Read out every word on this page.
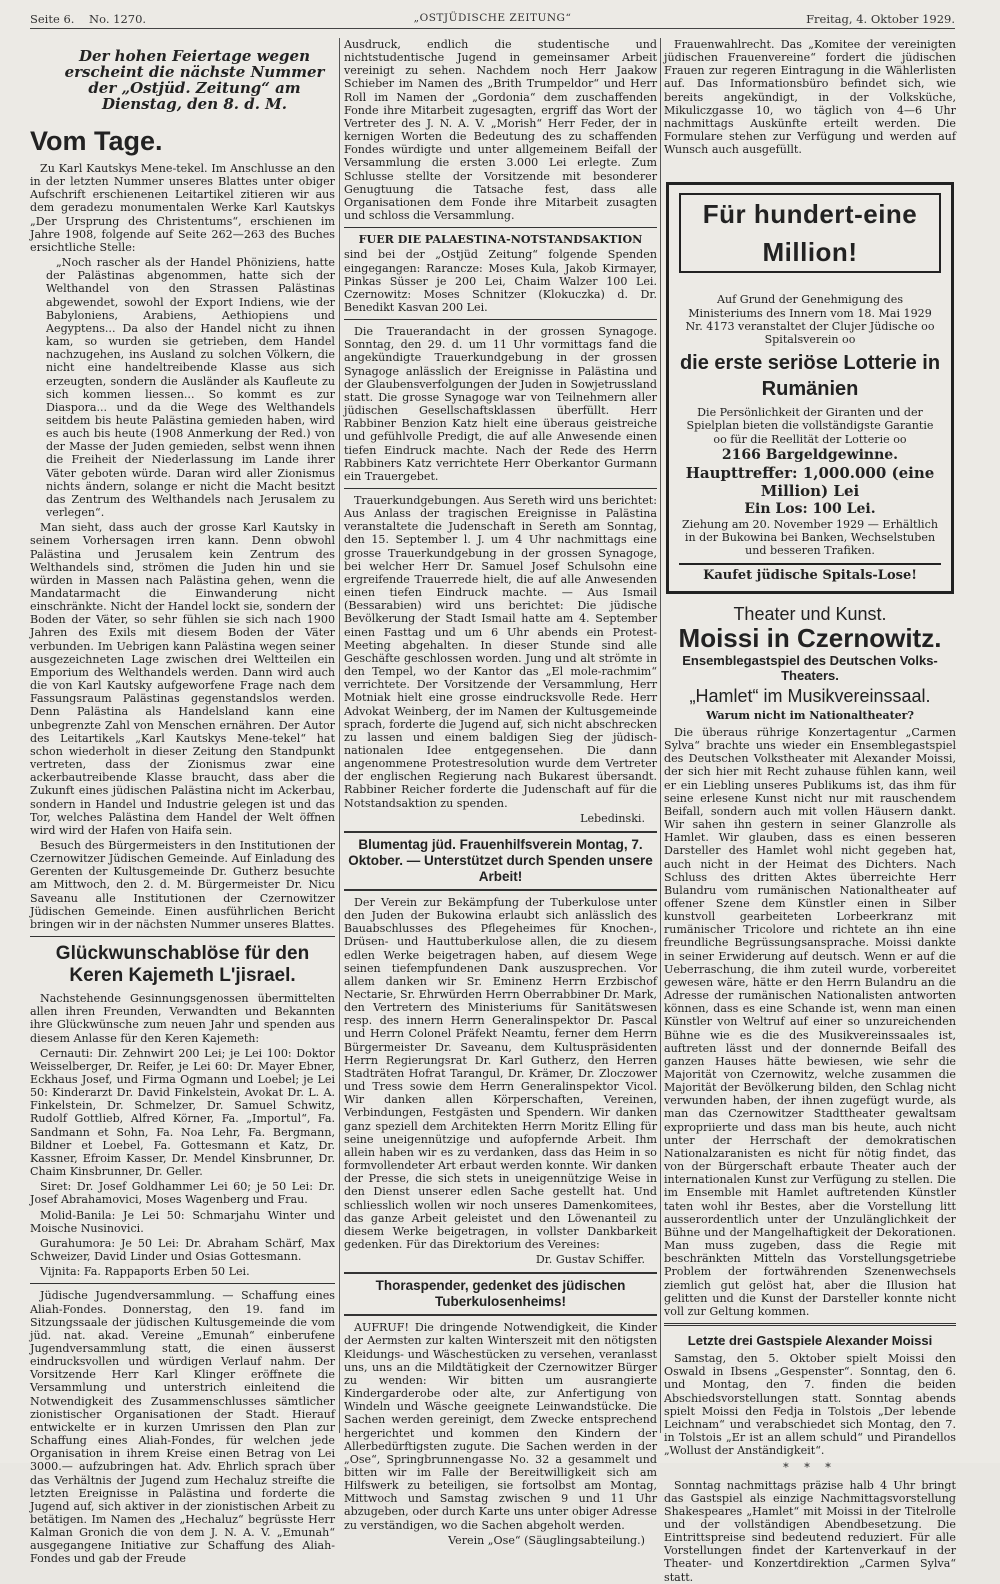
Seite 6. No. 1270.	„OSTJÜDISCHE ZEITUNG“	Freitag, 4. Oktober 1929.
Der hohen Feiertage wegen erscheint die nächste Nummer der „Ostjüd. Zeitung“ am Dienstag, den 8. d. M.
Vom Tage.

Zu Karl Kautskys Mene-tekel. Im Anschlusse an den in der letzten Nummer unseres Blattes unter obiger Aufschrift erschienenen Leitartikel zitieren wir aus dem geradezu monumentalen Werke Karl Kautskys „Der Ursprung des Christentums“, erschienen im Jahre 1908, folgende auf Seite 262—263 des Buches ersichtliche Stelle:

„Noch rascher als der Handel Phöniziens, hatte der Palästinas abgenommen, hatte sich der Welthandel von den Strassen Palästinas abgewendet, sowohl der Export Indiens, wie der Babyloniens, Arabiens, Aethiopiens und Aegyptens... Da also der Handel nicht zu ihnen kam, so wurden sie getrieben, dem Handel nachzugehen, ins Ausland zu solchen Völkern, die nicht eine handeltreibende Klasse aus sich erzeugten, sondern die Ausländer als Kaufleute zu sich kommen liessen... So kommt es zur Diaspora... und da die Wege des Welthandels seitdem bis heute Palästina gemieden haben, wird es auch bis heute (1908 Anmerkung der Red.) von der Masse der Juden gemieden, selbst wenn ihnen die Freiheit der Niederlassung im Lande ihrer Väter geboten würde. Daran wird aller Zionismus nichts ändern, solange er nicht die Macht besitzt das Zentrum des Welthandels nach Jerusalem zu verlegen“.

Man sieht, dass auch der grosse Karl Kautsky in seinem Vorhersagen irren kann. Denn obwohl Palästina und Jerusalem kein Zentrum des Welthandels sind, strömen die Juden hin und sie würden in Massen nach Palästina gehen, wenn die Mandatarmacht die Einwanderung nicht einschränkte. Nicht der Handel lockt sie, sondern der Boden der Väter, so sehr fühlen sie sich nach 1900 Jahren des Exils mit diesem Boden der Väter verbunden. Im Uebrigen kann Palästina wegen seiner ausgezeichneten Lage zwischen drei Weltteilen ein Emporium des Welthandels werden. Dann wird auch die von Karl Kautsky aufgeworfene Frage nach dem Fassungsraum Palästinas gegenstandslos werden. Denn Palästina als Handelsland kann eine unbegrenzte Zahl von Menschen ernähren. Der Autor des Leitartikels „Karl Kautskys Mene-tekel“ hat schon wiederholt in dieser Zeitung den Standpunkt vertreten, dass der Zionismus zwar eine ackerbautreibende Klasse braucht, dass aber die Zukunft eines jüdischen Palästina nicht im Ackerbau, sondern in Handel und Industrie gelegen ist und das Tor, welches Palästina dem Handel der Welt öffnen wird wird der Hafen von Haifa sein.

Besuch des Bürgermeisters in den Institutionen der Czernowitzer Jüdischen Gemeinde. Auf Einladung des Gerenten der Kultusgemeinde Dr. Gutherz besuchte am Mittwoch, den 2. d. M. Bürgermeister Dr. Nicu Saveanu alle Institutionen der Czernowitzer Jüdischen Gemeinde. Einen ausführlichen Bericht bringen wir in der nächsten Nummer unseres Blattes.

Glückwunschablöse für den Keren Kajemeth L'jisrael.

Nachstehende Gesinnungsgenossen übermittelten allen ihren Freunden, Verwandten und Bekannten ihre Glückwünsche zum neuen Jahr und spenden aus diesem Anlasse für den Keren Kajemeth:

Cernauti: Dir. Zehnwirt 200 Lei; je Lei 100: Doktor Weisselberger, Dr. Reifer, je Lei 60: Dr. Mayer Ebner, Eckhaus Josef, und Firma Ogmann und Loebel; je Lei 50: Kinderarzt Dr. David Finkelstein, Avokat Dr. L. A. Finkelstein, Dr. Schmelzer, Dr. Samuel Schwitz, Rudolf Gottlieb, Alfred Körner, Fa. „Importul“, Fa. Sandmann et Sohn, Fa. Noa Lehr, Fa. Bergmann, Bildner et Loebel, Fa. Gottesmann et Katz, Dr. Kassner, Efroim Kasser, Dr. Mendel Kinsbrunner, Dr. Chaim Kinsbrunner, Dr. Geller.

Siret: Dr. Josef Goldhammer Lei 60; je 50 Lei: Dr. Josef Abrahamovici, Moses Wagenberg und Frau.

Molid-Banila: Je Lei 50: Schmarjahu Winter und Moische Nusinovici.

Gurahumora: Je 50 Lei: Dr. Abraham Schärf, Max Schweizer, David Linder und Osias Gottesmann.

Vijnita: Fa. Rappaports Erben 50 Lei.

Jüdische Jugendversammlung. — Schaffung eines Aliah-Fondes. Donnerstag, den 19. fand im Sitzungssaale der jüdischen Kultusgemeinde die vom jüd. nat. akad. Vereine „Emunah“ einberufene Jugendversammlung statt, die einen äusserst eindrucksvollen und würdigen Verlauf nahm. Der Vorsitzende Herr Karl Klinger eröffnete die Versammlung und unterstrich einleitend die Notwendigkeit des Zusammenschlusses sämtlicher zionistischer Organisationen der Stadt. Hierauf entwickelte er in kurzen Umrissen den Plan zur Schaffung eines Aliah-Fondes, für welchen jede Organisation in ihrem Kreise einen Betrag von Lei 3000.— aufzubringen hat. Adv. Ehrlich sprach über das Verhältnis der Jugend zum Hechaluz streifte die letzten Ereignisse in Palästina und forderte die Jugend auf, sich aktiver in der zionistischen Arbeit zu betätigen. Im Namen des „Hechaluz“ begrüsste Herr Kalman Gronich die von dem J. N. A. V. „Emunah“ ausgegangene Initiative zur Schaffung des Aliah-Fondes und gab der Freude

Ausdruck, endlich die studentische und nichtstudentische Jugend in gemeinsamer Arbeit vereinigt zu sehen. Nachdem noch Herr Jaakow Schieber im Namen des „Brith Trumpeldor“ und Herr Roll im Namen der „Gordonia“ dem zuschaffenden Fonde ihre Mitarbeit zugesagten, ergriff das Wort der Vertreter des J. N. A. V. „Morish“ Herr Feder, der in kernigen Worten die Bedeutung des zu schaffenden Fondes würdigte und unter allgemeinem Beifall der Versammlung die ersten 3.000 Lei erlegte. Zum Schlusse stellte der Vorsitzende mit besonderer Genugtuung die Tatsache fest, dass alle Organisationen dem Fonde ihre Mitarbeit zusagten und schloss die Versammlung.

FUER DIE PALAESTINA-NOTSTANDSAKTION

sind bei der „Ostjüd Zeitung“ folgende Spenden eingegangen: Rarancze: Moses Kula, Jakob Kirmayer, Pinkas Süsser je 200 Lei, Chaim Walzer 100 Lei. Czernowitz: Moses Schnitzer (Klokuczka) d. Dr. Benedikt Kasvan 200 Lei.

Die Trauerandacht in der grossen Synagoge. Sonntag, den 29. d. um 11 Uhr vormittags fand die angekündigte Trauerkundgebung in der grossen Synagoge anlässlich der Ereignisse in Palästina und der Glaubensverfolgungen der Juden in Sowjetrussland statt. Die grosse Synagoge war von Teilnehmern aller jüdischen Gesellschaftsklassen überfüllt. Herr Rabbiner Benzion Katz hielt eine überaus geistreiche und gefühlvolle Predigt, die auf alle Anwesende einen tiefen Eindruck machte. Nach der Rede des Herrn Rabbiners Katz verrichtete Herr Oberkantor Gurmann ein Trauergebet.

Trauerkundgebungen. Aus Sereth wird uns berichtet: Aus Anlass der tragischen Ereignisse in Palästina veranstaltete die Judenschaft in Sereth am Sonntag, den 15. September l. J. um 4 Uhr nachmittags eine grosse Trauerkundgebung in der grossen Synagoge, bei welcher Herr Dr. Samuel Josef Schulsohn eine ergreifende Trauerrede hielt, die auf alle Anwesenden einen tiefen Eindruck machte. — Aus Ismail (Bessarabien) wird uns berichtet: Die jüdische Bevölkerung der Stadt Ismail hatte am 4. September einen Fasttag und um 6 Uhr abends ein Protest-Meeting abgehalten. In dieser Stunde sind alle Geschäfte geschlossen worden. Jung und alt strömte in den Tempel, wo der Kantor das „El mole-rachmim“ verrichtete. Der Vorsitzende der Versammlung, Herr Motniak hielt eine grosse eindrucksvolle Rede. Herr Advokat Weinberg, der im Namen der Kultusgemeinde sprach, forderte die Jugend auf, sich nicht abschrecken zu lassen und einem baldigen Sieg der jüdisch-nationalen Idee entgegensehen. Die dann angenommene Protestresolution wurde dem Vertreter der englischen Regierung nach Bukarest übersandt. Rabbiner Reicher forderte die Judenschaft auf für die Notstandsaktion zu spenden.

Lebedinski.

Blumentag jüd. Frauenhilfsverein Montag, 7. Oktober. — Unterstützet durch Spenden unsere Arbeit!

Der Verein zur Bekämpfung der Tuberkulose unter den Juden der Bukowina erlaubt sich anlässlich des Bauabschlusses des Pflegeheimes für Knochen-, Drüsen- und Hauttuberkulose allen, die zu diesem edlen Werke beigetragen haben, auf diesem Wege seinen tiefempfundenen Dank auszusprechen. Vor allem danken wir Sr. Eminenz Herrn Erzbischof Nectarie, Sr. Ehrwürden Herrn Oberrabbiner Dr. Mark, den Vertretern des Ministeriums für Sanitätswesen resp. des innern Herrn Generalinspektor Dr. Pascal und Herrn Colonel Präfekt Neamtu, ferner dem Herrn Bürgermeister Dr. Saveanu, dem Kultuspräsidenten Herrn Regierungsrat Dr. Karl Gutherz, den Herren Stadträten Hofrat Tarangul, Dr. Krämer, Dr. Zloczower und Tress sowie dem Herrn Generalinspektor Vicol. Wir danken allen Körperschaften, Vereinen, Verbindungen, Festgästen und Spendern. Wir danken ganz speziell dem Architekten Herrn Moritz Elling für seine uneigennützige und aufopfernde Arbeit. Ihm allein haben wir es zu verdanken, dass das Heim in so formvollendeter Art erbaut werden konnte. Wir danken der Presse, die sich stets in uneigennützige Weise in den Dienst unserer edlen Sache gestellt hat. Und schliesslich wollen wir noch unseres Damenkomitees, das ganze Arbeit geleistet und den Löwenanteil zu diesem Werke beigetragen, in vollster Dankbarkeit gedenken. Für das Direktorium des Vereines:

Dr. Gustav Schiffer.

Thoraspender, gedenket des jüdischen Tuberkulosenheims!

AUFRUF! Die dringende Notwendigkeit, die Kinder der Aermsten zur kalten Winterszeit mit den nötigsten Kleidungs- und Wäschestücken zu versehen, veranlasst uns, uns an die Mildtätigkeit der Czernowitzer Bürger zu wenden: Wir bitten um ausrangierte Kindergarderobe oder alte, zur Anfertigung von Windeln und Wäsche geeignete Leinwandstücke. Die Sachen werden gereinigt, dem Zwecke entsprechend hergerichtet und kommen den Kindern der Allerbedürftigsten zugute. Die Sachen werden in der „Ose“, Springbrunnengasse No. 32 a gesammelt und bitten wir im Falle der Bereitwilligkeit sich am Hilfswerk zu beteiligen, sie fortsolbst am Montag, Mittwoch und Samstag zwischen 9 und 11 Uhr abzugeben, oder durch Karte uns unter obiger Adresse zu verständigen, wo die Sachen abgeholt werden.

Verein „Ose“ (Säuglingsabteilung.)

Frauenwahlrecht. Das „Komitee der vereinigten jüdischen Frauenvereine“ fordert die jüdischen Frauen zur regeren Eintragung in die Wählerlisten auf. Das Informationsbüro befindet sich, wie bereits angekündigt, in der Volksküche, Mikuliczgasse 10, wo täglich von 4—6 Uhr nachmittags Auskünfte erteilt werden. Die Formulare stehen zur Verfügung und werden auf Wunsch auch ausgefüllt.

Für hundert-eine Million!
Auf Grund der Genehmigung des Ministeriums des Innern vom 18. Mai 1929 Nr. 4173 veranstaltet der Clujer Jüdische oo Spitalsverein oo
die erste seriöse Lotterie in Rumänien
Die Persönlichkeit der Giranten und der Spielplan bieten die vollständigste Garantie oo für die Reellität der Lotterie oo
2166 Bargeldgewinne.
Haupttreffer: 1,000.000 (eine Million) Lei
Ein Los: 100 Lei.
Ziehung am 20. November 1929 — Erhältlich in der Bukowina bei Banken, Wechselstuben und besseren Trafiken.
Kaufet jüdische Spitals-Lose!
Theater und Kunst.
Moissi in Czernowitz.
Ensemblegastspiel des Deutschen Volks-Theaters.
„Hamlet“ im Musikvereinssaal.
Warum nicht im Nationaltheater?

Die überaus rührige Konzertagentur „Carmen Sylva“ brachte uns wieder ein Ensemblegastspiel des Deutschen Volkstheater mit Alexander Moissi, der sich hier mit Recht zuhause fühlen kann, weil er ein Liebling unseres Publikums ist, das ihm für seine erlesene Kunst nicht nur mit rauschendem Beifall, sondern auch mit vollen Häusern dankt. Wir sahen ihn gestern in seiner Glanzrolle als Hamlet. Wir glauben, dass es einen besseren Darsteller des Hamlet wohl nicht gegeben hat, auch nicht in der Heimat des Dichters. Nach Schluss des dritten Aktes überreichte Herr Bulandru vom rumänischen Nationaltheater auf offener Szene dem Künstler einen in Silber kunstvoll gearbeiteten Lorbeerkranz mit rumänischer Tricolore und richtete an ihn eine freundliche Begrüssungsansprache. Moissi dankte in seiner Erwiderung auf deutsch. Wenn er auf die Ueberraschung, die ihm zuteil wurde, vorbereitet gewesen wäre, hätte er den Herrn Bulandru an die Adresse der rumänischen Nationalisten antworten können, dass es eine Schande ist, wenn man einen Künstler von Weltruf auf einer so unzureichenden Bühne wie es die des Musikvereinssaales ist, auftreten lässt und der donnernde Beifall des ganzen Hauses hätte bewiesen, wie sehr die Majorität von Czernowitz, welche zusammen die Majorität der Bevölkerung bilden, den Schlag nicht verwunden haben, der ihnen zugefügt wurde, als man das Czernowitzer Stadttheater gewaltsam expropriierte und dass man bis heute, auch nicht unter der Herrschaft der demokratischen Nationalzaranisten es nicht für nötig findet, das von der Bürgerschaft erbaute Theater auch der internationalen Kunst zur Verfügung zu stellen. Die im Ensemble mit Hamlet auftretenden Künstler taten wohl ihr Bestes, aber die Vorstellung litt ausserordentlich unter der Unzulänglichkeit der Bühne und der Mangelhaftigkeit der Dekorationen. Man muss zugeben, dass die Regie mit beschränkten Mitteln das Vorstellungsgetriebe Problem der fortwährenden Szenenwechsels ziemlich gut gelöst hat, aber die Illusion hat gelitten und die Kunst der Darsteller konnte nicht voll zur Geltung kommen.

Letzte drei Gastspiele Alexander Moissi

Samstag, den 5. Oktober spielt Moissi den Oswald in Ibsens „Gespenster“. Sonntag, den 6. und Montag, den 7. finden die beiden Abschiedsvorstellungen statt. Sonntag abends spielt Moissi den Fedja in Tolstois „Der lebende Leichnam“ und verabschiedet sich Montag, den 7. in Tolstois „Er ist an allem schuld“ und Pirandellos „Wollust der Anständigkeit“.

* * *

Sonntag nachmittags präzise halb 4 Uhr bringt das Gastspiel als einzige Nachmittagsvorstellung Shakespeares „Hamlet“ mit Moissi in der Titelrolle und der vollständigen Abendbesetzung. Die Eintrittspreise sind bedeutend reduziert. Für alle Vorstellungen findet der Kartenverkauf in der Theater- und Konzertdirektion „Carmen Sylva“ statt.
